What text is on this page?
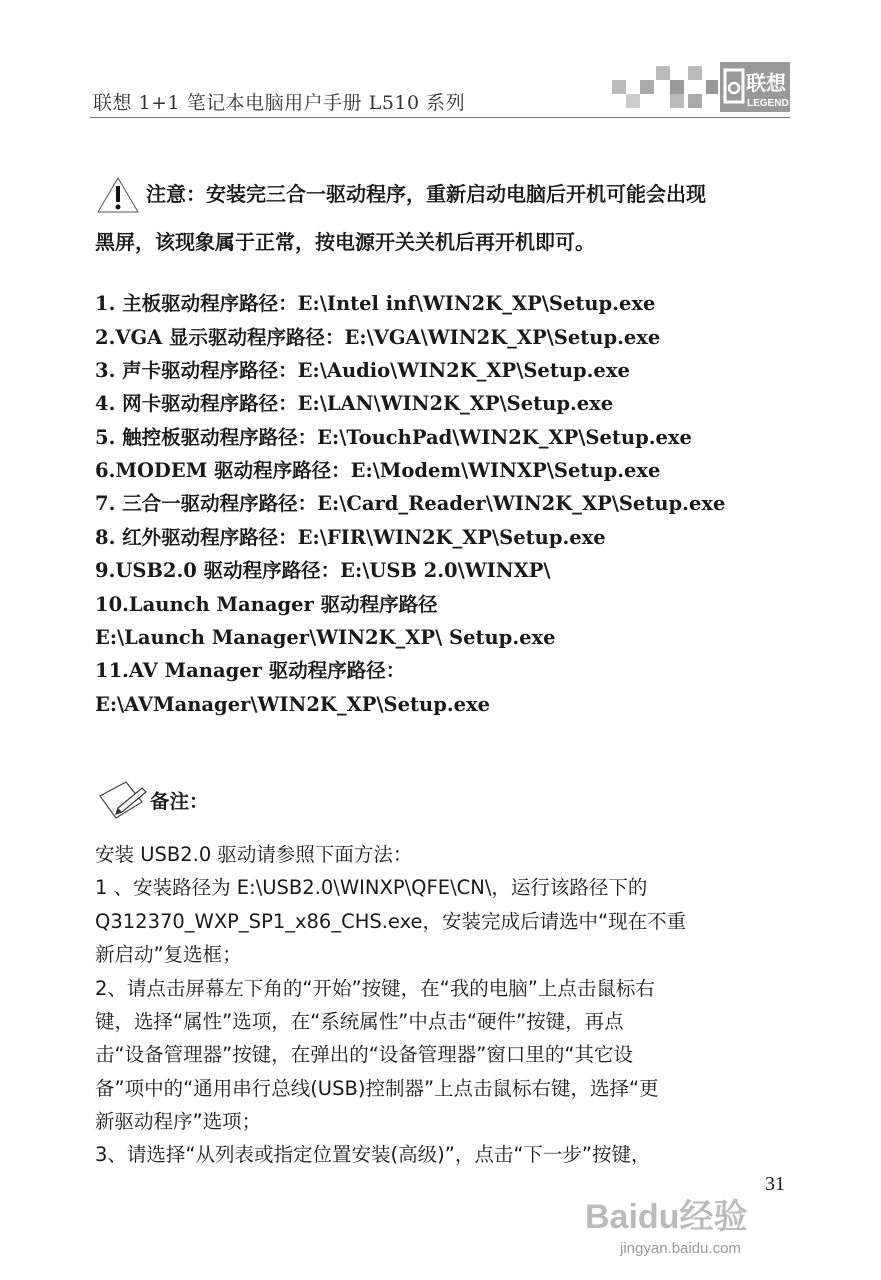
联想 1+1 笔记本电脑用户手册 L510 系列
联想
LEGEND
注意：安装完三合一驱动程序，重新启动电脑后开机可能会出现
黑屏，该现象属于正常，按电源开关关机后再开机即可。
1. 主板驱动程序路径：E:\Intel inf\WIN2K_XP\Setup.exe
2.VGA 显示驱动程序路径：E:\VGA\WIN2K_XP\Setup.exe
3. 声卡驱动程序路径：E:\Audio\WIN2K_XP\Setup.exe
4. 网卡驱动程序路径：E:\LAN\WIN2K_XP\Setup.exe
5. 触控板驱动程序路径：E:\TouchPad\WIN2K_XP\Setup.exe
6.MODEM 驱动程序路径：E:\Modem\WINXP\Setup.exe
7. 三合一驱动程序路径：E:\Card_Reader\WIN2K_XP\Setup.exe
8. 红外驱动程序路径：E:\FIR\WIN2K_XP\Setup.exe
9.USB2.0 驱动程序路径：E:\USB 2.0\WINXP\
10.Launch Manager 驱动程序路径
E:\Launch Manager\WIN2K_XP\ Setup.exe
11.AV Manager 驱动程序路径：
E:\AVManager\WIN2K_XP\Setup.exe
备注：
安装 USB2.0 驱动请参照下面方法：
1 、安装路径为 E:\USB2.0\WINXP\QFE\CN\，运行该路径下的
Q312370_WXP_SP1_x86_CHS.exe，安装完成后请选中“现在不重
新启动”复选框；
2、请点击屏幕左下角的“开始”按键，在“我的电脑”上点击鼠标右
键，选择“属性”选项，在“系统属性”中点击“硬件”按键，再点
击“设备管理器”按键，在弹出的“设备管理器”窗口里的“其它设
备”项中的“通用串行总线(USB)控制器”上点击鼠标右键，选择“更
新驱动程序”选项；
3、请选择“从列表或指定位置安装(高级)”，点击“下一步”按键，
31
Baidu经验
jingyan.baidu.com
